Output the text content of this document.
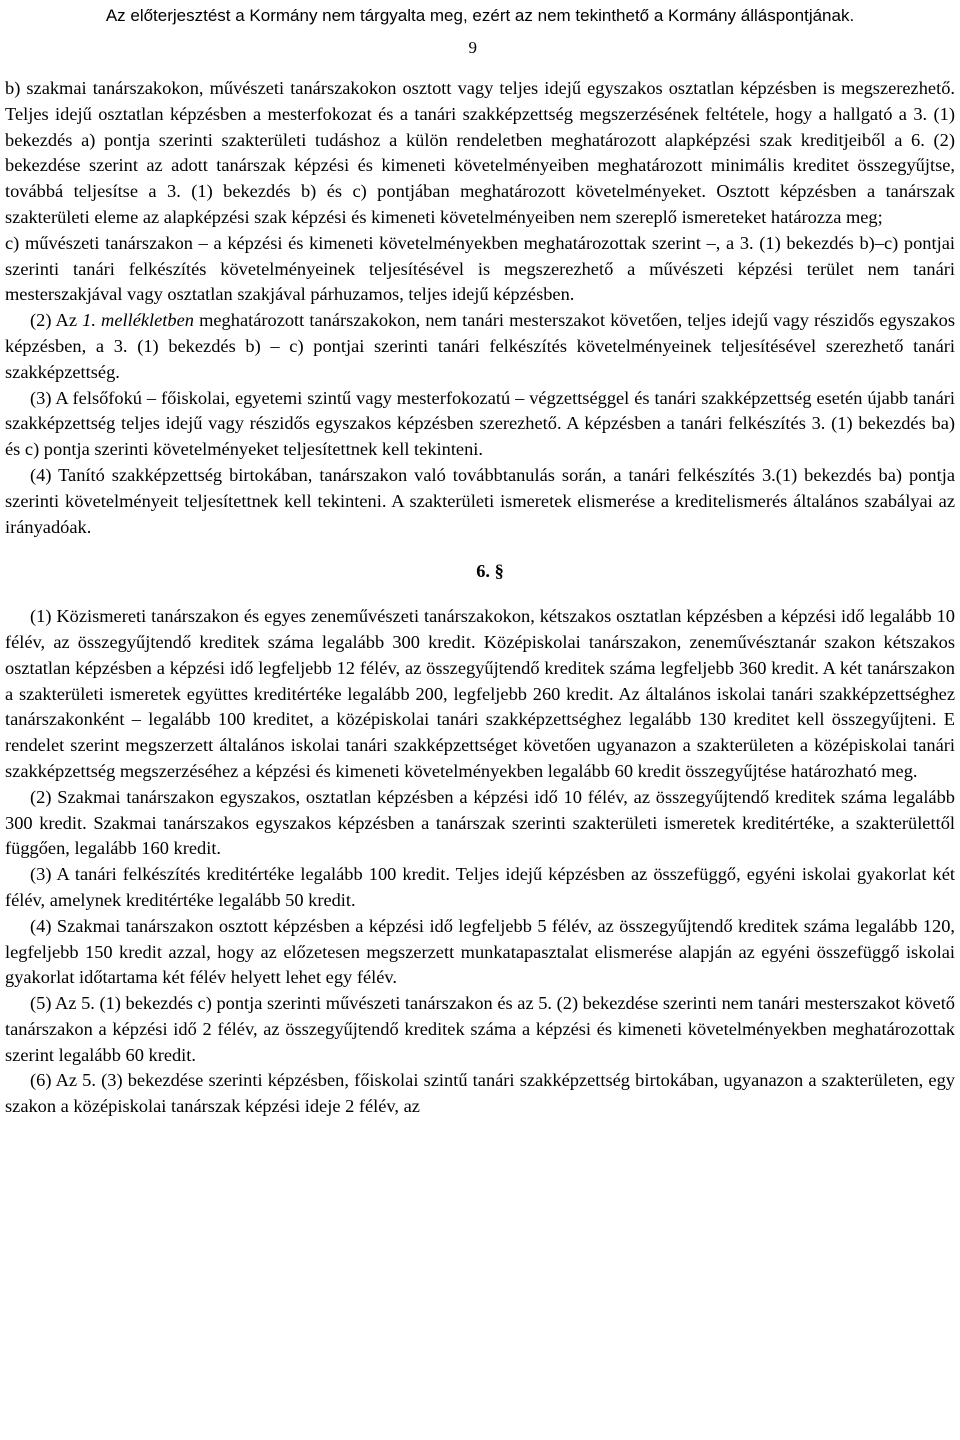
Az előterjesztést a Kormány nem tárgyalta meg, ezért az nem tekinthető a Kormány álláspontjának.
9

b) szakmai tanárszakokon, művészeti tanárszakokon osztott vagy teljes idejű egyszakos osztatlan képzésben is megszerezhető. Teljes idejű osztatlan képzésben a mesterfokozat és a tanári szakképzettség megszerzésének feltétele, hogy a hallgató a 3. (1) bekezdés a) pontja szerinti szakterületi tudáshoz a külön rendeletben meghatározott alapképzési szak kreditjeiből a 6. (2) bekezdése szerint az adott tanárszak képzési és kimeneti követelményeiben meghatározott minimális kreditet összegyűjtse, továbbá teljesítse a 3. (1) bekezdés b) és c) pontjában meghatározott követelményeket. Osztott képzésben a tanárszak szakterületi eleme az alapképzési szak képzési és kimeneti követelményeiben nem szereplő ismereteket határozza meg;

c) művészeti tanárszakon – a képzési és kimeneti követelményekben meghatározottak szerint –, a 3. (1) bekezdés b)–c) pontjai szerinti tanári felkészítés követelményeinek teljesítésével is megszerezhető a művészeti képzési terület nem tanári mesterszakjával vagy osztatlan szakjával párhuzamos, teljes idejű képzésben.

(2) Az 1. mellékletben meghatározott tanárszakokon, nem tanári mesterszakot követően, teljes idejű vagy részidős egyszakos képzésben, a 3. (1) bekezdés b) – c) pontjai szerinti tanári felkészítés követelményeinek teljesítésével szerezhető tanári szakképzettség.

(3) A felsőfokú – főiskolai, egyetemi szintű vagy mesterfokozatú – végzettséggel és tanári szakképzettség esetén újabb tanári szakképzettség teljes idejű vagy részidős egyszakos képzésben szerezhető. A képzésben a tanári felkészítés 3. (1) bekezdés ba) és c) pontja szerinti követelményeket teljesítettnek kell tekinteni.

(4) Tanító szakképzettség birtokában, tanárszakon való továbbtanulás során, a tanári felkészítés 3.(1) bekezdés ba) pontja szerinti követelményeit teljesítettnek kell tekinteni. A szakterületi ismeretek elismerése a kreditelismerés általános szabályai az irányadóak.

6. §

(1) Közismereti tanárszakon és egyes zeneművészeti tanárszakokon, kétszakos osztatlan képzésben a képzési idő legalább 10 félév, az összegyűjtendő kreditek száma legalább 300 kredit. Középiskolai tanárszakon, zeneművésztanár szakon kétszakos osztatlan képzésben a képzési idő legfeljebb 12 félév, az összegyűjtendő kreditek száma legfeljebb 360 kredit. A két tanárszakon a szakterületi ismeretek együttes kreditértéke legalább 200, legfeljebb 260 kredit. Az általános iskolai tanári szakképzettséghez tanárszakonként – legalább 100 kreditet, a középiskolai tanári szakképzettséghez legalább 130 kreditet kell összegyűjteni. E rendelet szerint megszerzett általános iskolai tanári szakképzettséget követően ugyanazon a szakterületen a középiskolai tanári szakképzettség megszerzéséhez a képzési és kimeneti követelményekben legalább 60 kredit összegyűjtése határozható meg.

(2) Szakmai tanárszakon egyszakos, osztatlan képzésben a képzési idő 10 félév, az összegyűjtendő kreditek száma legalább 300 kredit. Szakmai tanárszakos egyszakos képzésben a tanárszak szerinti szakterületi ismeretek kreditértéke, a szakterülettől függően, legalább 160 kredit.

(3) A tanári felkészítés kreditértéke legalább 100 kredit. Teljes idejű képzésben az összefüggő, egyéni iskolai gyakorlat két félév, amelynek kreditértéke legalább 50 kredit.

(4) Szakmai tanárszakon osztott képzésben a képzési idő legfeljebb 5 félév, az összegyűjtendő kreditek száma legalább 120, legfeljebb 150 kredit azzal, hogy az előzetesen megszerzett munkatapasztalat elismerése alapján az egyéni összefüggő iskolai gyakorlat időtartama két félév helyett lehet egy félév.

(5) Az 5. (1) bekezdés c) pontja szerinti művészeti tanárszakon és az 5. (2) bekezdése szerinti nem tanári mesterszakot követő tanárszakon a képzési idő 2 félév, az összegyűjtendő kreditek száma a képzési és kimeneti követelményekben meghatározottak szerint legalább 60 kredit.

(6) Az 5. (3) bekezdése szerinti képzésben, főiskolai szintű tanári szakképzettség birtokában, ugyanazon a szakterületen, egy szakon a középiskolai tanárszak képzési ideje 2 félév, az
